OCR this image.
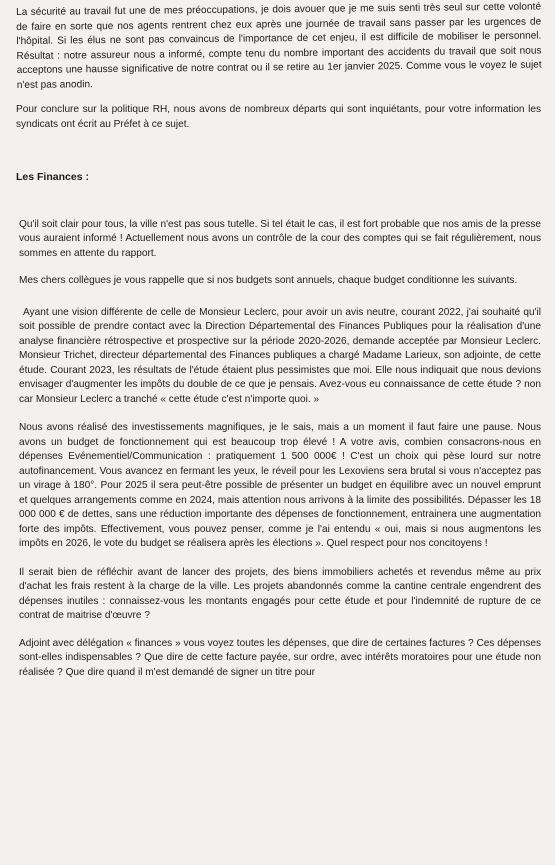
La sécurité au travail fut une de mes préoccupations, je dois avouer que je me suis senti très seul sur cette volonté de faire en sorte que nos agents rentrent chez eux après une journée de travail sans passer par les urgences de l'hôpital. Si les élus ne sont pas convaincus de l'importance de cet enjeu, il est difficile de mobiliser le personnel. Résultat : notre assureur nous a informé, compte tenu du nombre important des accidents du travail que soit nous acceptons une hausse significative de notre contrat ou il se retire au 1er janvier 2025. Comme vous le voyez le sujet n'est pas anodin.

Pour conclure sur la politique RH, nous avons de nombreux départs qui sont inquiétants, pour votre information les syndicats ont écrit au Préfet à ce sujet.

Les Finances :

Qu'il soit clair pour tous, la ville n'est pas sous tutelle. Si tel était le cas, il est fort probable que nos amis de la presse vous auraient informé ! Actuellement nous avons un contrôle de la cour des comptes qui se fait régulièrement, nous sommes en attente du rapport.

Mes chers collègues je vous rappelle que si nos budgets sont annuels, chaque budget conditionne les suivants.

Ayant une vision différente de celle de Monsieur Leclerc, pour avoir un avis neutre, courant 2022, j'ai souhaité qu'il soit possible de prendre contact avec la Direction Départemental des Finances Publiques pour la réalisation d'une analyse financière rétrospective et prospective sur la période 2020-2026, demande acceptée par Monsieur Leclerc. Monsieur Trichet, directeur départemental des Finances publiques a chargé Madame Larieux, son adjointe, de cette étude. Courant 2023, les résultats de l'étude étaient plus pessimistes que moi. Elle nous indiquait que nous devions envisager d'augmenter les impôts du double de ce que je pensais. Avez-vous eu connaissance de cette étude ? non car Monsieur Leclerc a tranché « cette étude c'est n'importe quoi. »

Nous avons réalisé des investissements magnifiques, je le sais, mais a un moment il faut faire une pause. Nous avons un budget de fonctionnement qui est beaucoup trop élevé ! A votre avis, combien consacrons-nous en dépenses Evénementiel/Communication : pratiquement 1 500 000€ ! C'est un choix qui pèse lourd sur notre autofinancement. Vous avancez en fermant les yeux, le réveil pour les Lexoviens sera brutal si vous n'acceptez pas un virage à 180°. Pour 2025 il sera peut-être possible de présenter un budget en équilibre avec un nouvel emprunt et quelques arrangements comme en 2024, mais attention nous arrivons à la limite des possibilités. Dépasser les 18 000 000 € de dettes, sans une réduction importante des dépenses de fonctionnement, entrainera une augmentation forte des impôts. Effectivement, vous pouvez penser, comme je l'ai entendu « oui, mais si nous augmentons les impôts en 2026, le vote du budget se réalisera après les élections ». Quel respect pour nos concitoyens !

Il serait bien de réfléchir avant de lancer des projets, des biens immobiliers achetés et revendus même au prix d'achat les frais restent à la charge de la ville. Les projets abandonnés comme la cantine centrale engendrent des dépenses inutiles : connaissez-vous les montants engagés pour cette étude et pour l'indemnité de rupture de ce contrat de maitrise d'œuvre ?

Adjoint avec délégation « finances » vous voyez toutes les dépenses, que dire de certaines factures ? Ces dépenses sont-elles indispensables ? Que dire de cette facture payée, sur ordre, avec intérêts moratoires pour une étude non réalisée ? Que dire quand il m'est demandé de signer un titre pour
